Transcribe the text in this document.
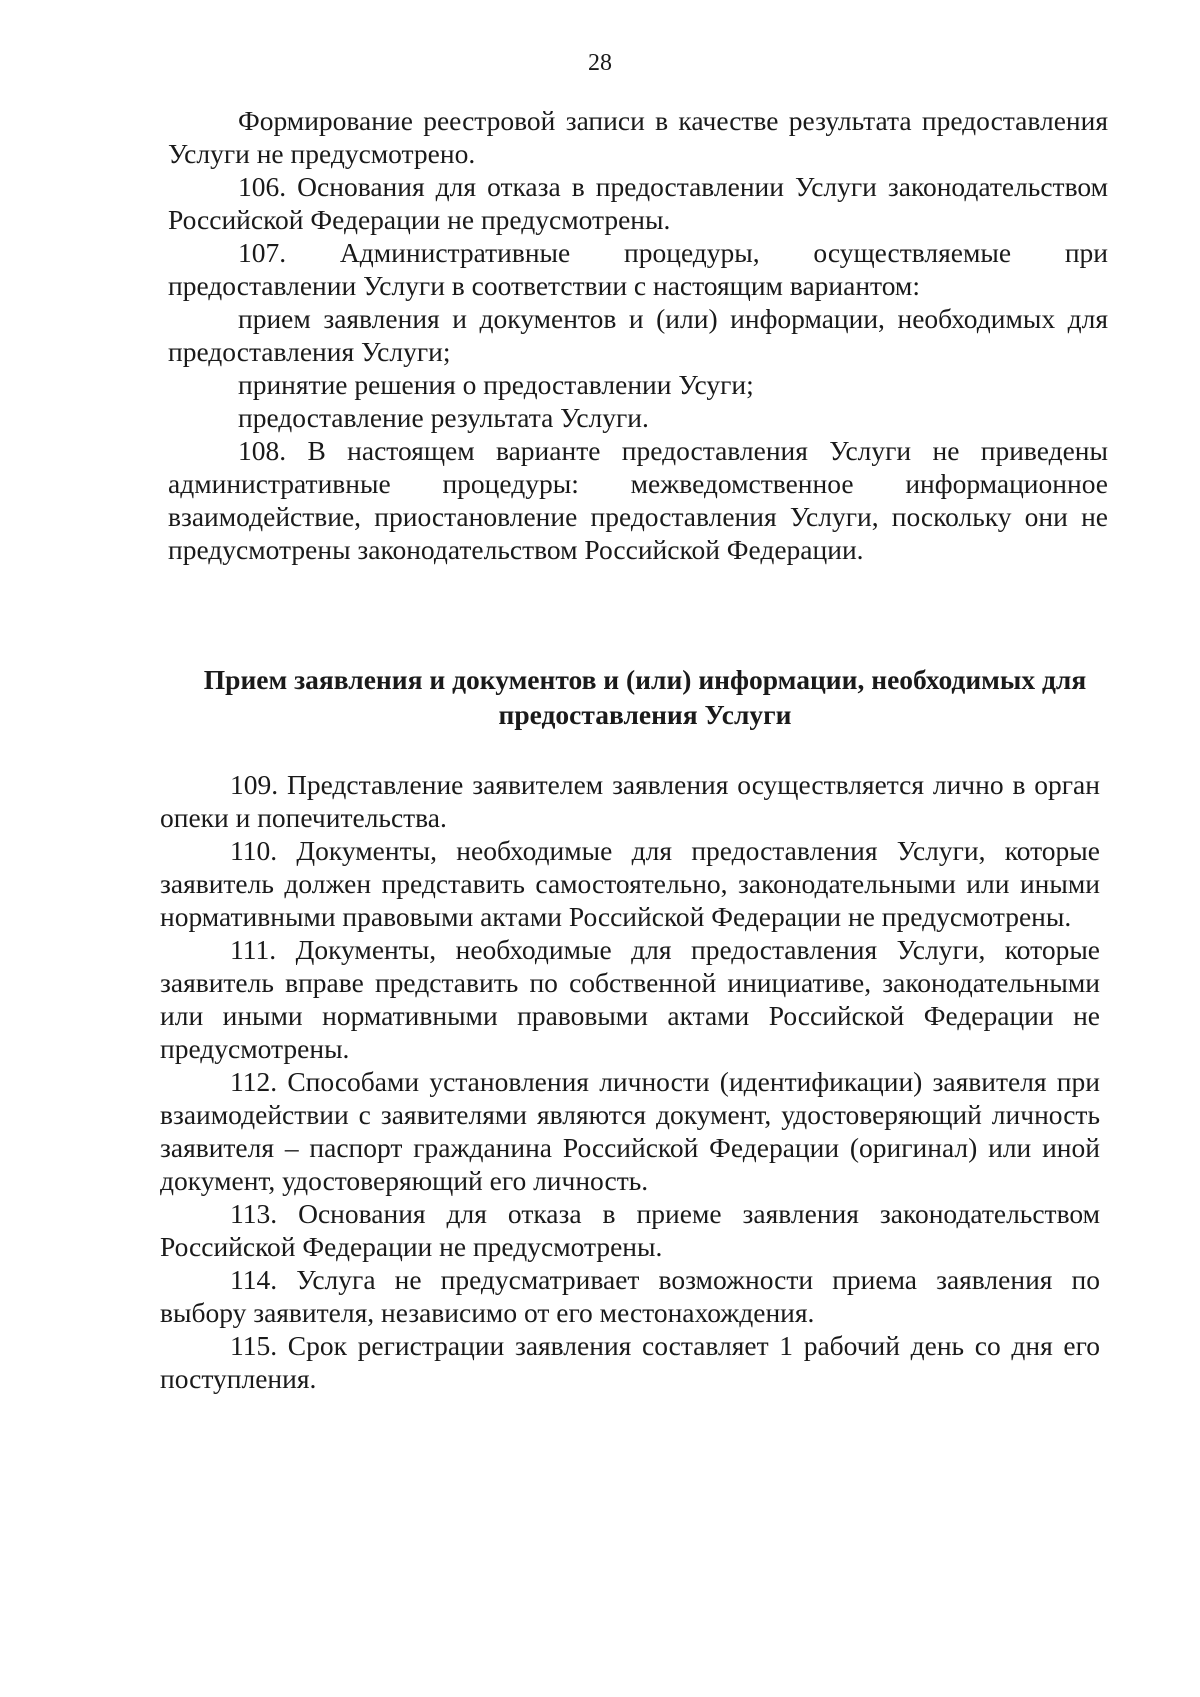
28

Формирование реестровой записи в качестве результата предоставления Услуги не предусмотрено.

106. Основания для отказа в предоставлении Услуги законодательством Российской Федерации не предусмотрены.

107. Административные процедуры, осуществляемые при предоставлении Услуги в соответствии с настоящим вариантом:

прием заявления и документов и (или) информации, необходимых для предоставления Услуги;

принятие решения о предоставлении Усуги;

предоставление результата Услуги.

108. В настоящем варианте предоставления Услуги не приведены административные процедуры: межведомственное информационное взаимодействие, приостановление предоставления Услуги, поскольку они не предусмотрены законодательством Российской Федерации.

Прием заявления и документов и (или) информации, необходимых для предоставления Услуги

109. Представление заявителем заявления осуществляется лично в орган опеки и попечительства.

110. Документы, необходимые для предоставления Услуги, которые заявитель должен представить самостоятельно, законодательными или иными нормативными правовыми актами Российской Федерации не предусмотрены.

111. Документы, необходимые для предоставления Услуги, которые заявитель вправе представить по собственной инициативе, законодательными или иными нормативными правовыми актами Российской Федерации не предусмотрены.

112. Способами установления личности (идентификации) заявителя при взаимодействии с заявителями являются документ, удостоверяющий личность заявителя – паспорт гражданина Российской Федерации (оригинал) или иной документ, удостоверяющий его личность.

113. Основания для отказа в приеме заявления законодательством Российской Федерации не предусмотрены.

114. Услуга не предусматривает возможности приема заявления по выбору заявителя, независимо от его местонахождения.

115. Срок регистрации заявления составляет 1 рабочий день со дня его поступления.
